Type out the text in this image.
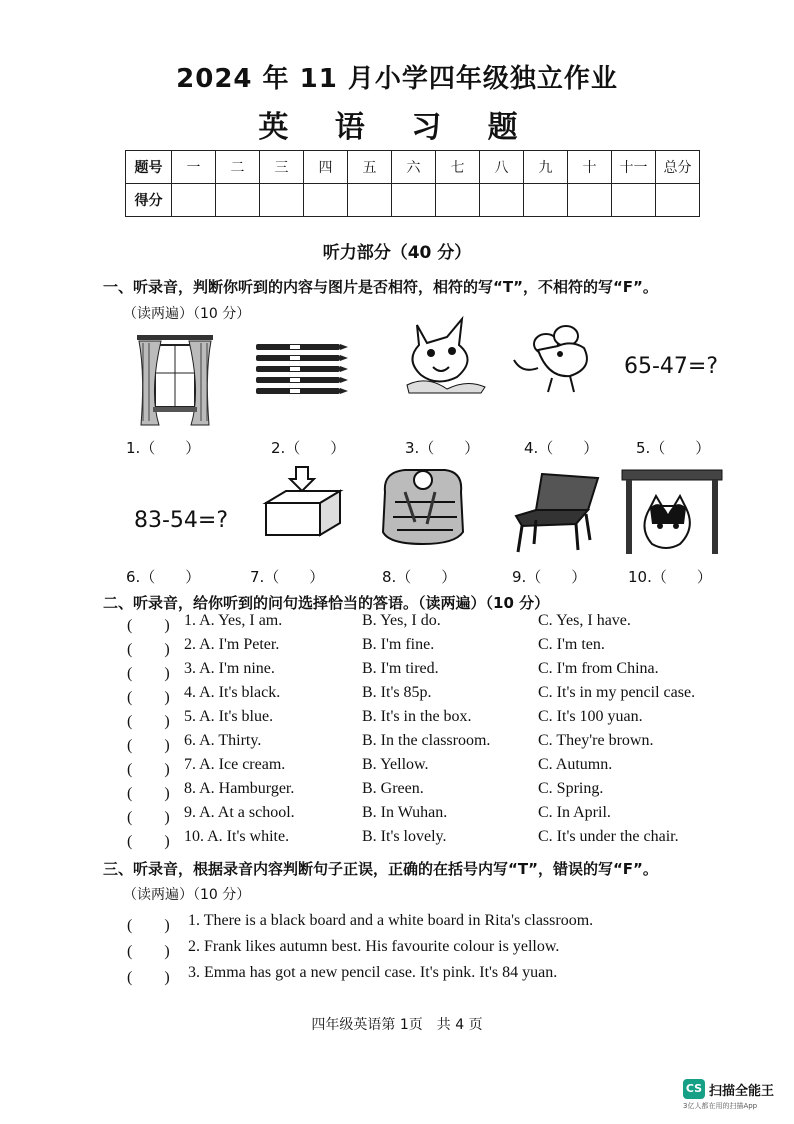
2024 年 11 月小学四年级独立作业
英 语 习 题
题号	一	二	三	四	五	六	七	八	九	十	十一	总分
得分												
听力部分（40 分）
一、听录音，判断你听到的内容与图片是否相符，相符的写“T”，不相符的写“F”。
（读两遍）（10 分）
65-47=?
1.（　　）	2.（　　）	3.（　　）	4.（　　）	5.（　　）
83-54=?
6.（　　）	7.（　　）	8.（　　）	9.（　　）	10.（　　）
二、听录音，给你听到的问句选择恰当的答语。（读两遍）（10 分）
(　　) 1. A. Yes, I am.	B. Yes, I do.	C. Yes, I have.
(　　) 2. A. I'm Peter.	B. I'm fine.	C. I'm ten.
(　　) 3. A. I'm nine.	B. I'm tired.	C. I'm from China.
(　　) 4. A. It's black.	B. It's 85p.	C. It's in my pencil case.
(　　) 5. A. It's blue.	B. It's in the box.	C. It's 100 yuan.
(　　) 6. A. Thirty.	B. In the classroom.	C. They're brown.
(　　) 7. A. Ice cream.	B. Yellow.	C. Autumn.
(　　) 8. A. Hamburger.	B. Green.	C. Spring.
(　　) 9. A. At a school.	B. In Wuhan.	C. In April.
(　　) 10. A. It's white.	B. It's lovely.	C. It's under the chair.
三、听录音，根据录音内容判断句子正误，正确的在括号内写“T”，错误的写“F”。
（读两遍）（10 分）
(　　) 1. There is a black board and a white board in Rita's classroom.
(　　) 2. Frank likes autumn best. His favourite colour is yellow.
(　　) 3. Emma has got a new pencil case. It's pink. It's 84 yuan.
四年级英语第 1页　共 4 页
CS 扫描全能王
3亿人都在用的扫描App
